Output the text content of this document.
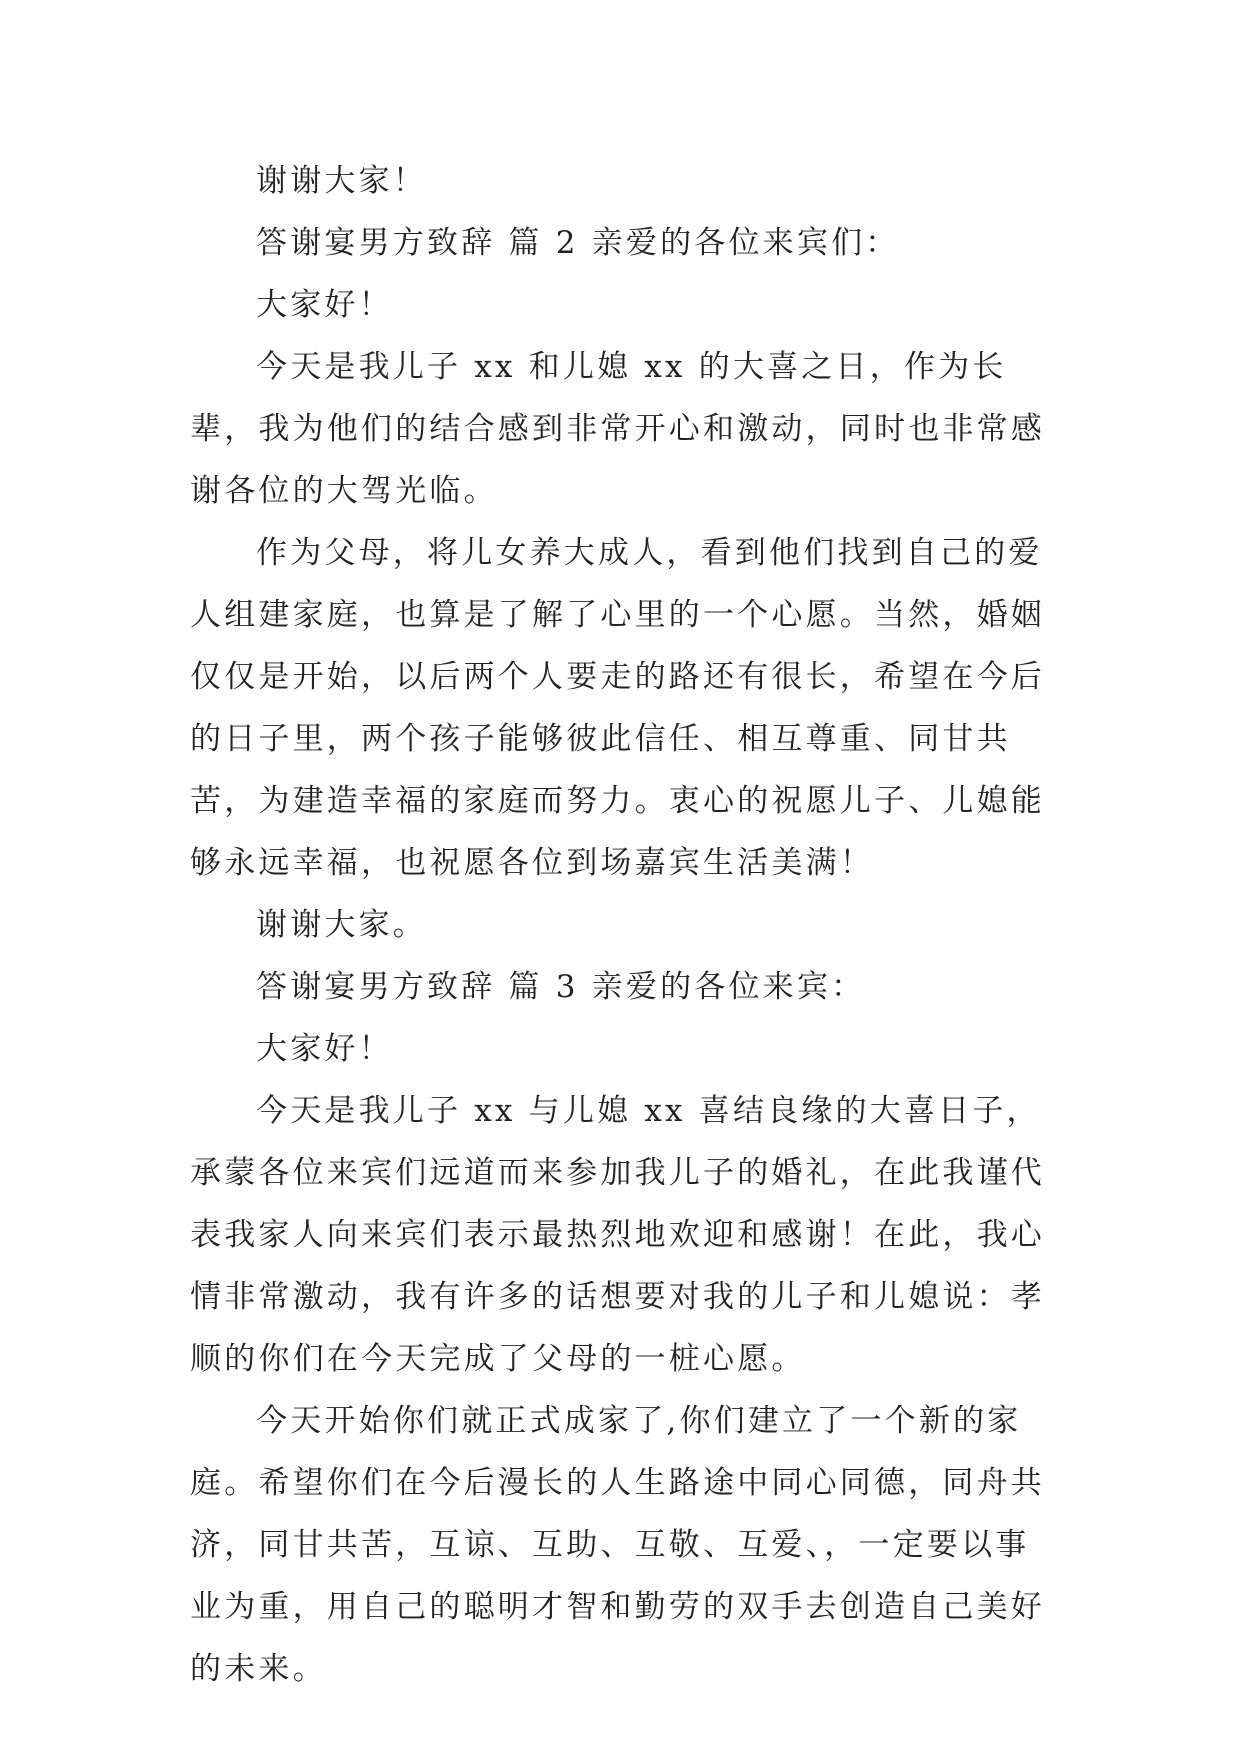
谢谢大家！

答谢宴男方致辞 篇 2 亲爱的各位来宾们：

大家好！

今天是我儿子 xx 和儿媳 xx 的大喜之日，作为长辈，我为他们的结合感到非常开心和激动，同时也非常感谢各位的大驾光临。

作为父母，将儿女养大成人，看到他们找到自己的爱人组建家庭，也算是了解了心里的一个心愿。当然，婚姻仅仅是开始，以后两个人要走的路还有很长，希望在今后的日子里，两个孩子能够彼此信任、相互尊重、同甘共苦，为建造幸福的家庭而努力。衷心的祝愿儿子、儿媳能够永远幸福，也祝愿各位到场嘉宾生活美满！

谢谢大家。

答谢宴男方致辞 篇 3 亲爱的各位来宾：

大家好！

今天是我儿子 xx 与儿媳 xx 喜结良缘的大喜日子，承蒙各位来宾们远道而来参加我儿子的婚礼，在此我谨代表我家人向来宾们表示最热烈地欢迎和感谢！在此，我心情非常激动，我有许多的话想要对我的儿子和儿媳说：孝顺的你们在今天完成了父母的一桩心愿。

今天开始你们就正式成家了,你们建立了一个新的家庭。希望你们在今后漫长的人生路途中同心同德，同舟共济，同甘共苦，互谅、互助、互敬、互爱、，一定要以事业为重，用自己的聪明才智和勤劳的双手去创造自己美好的未来。
